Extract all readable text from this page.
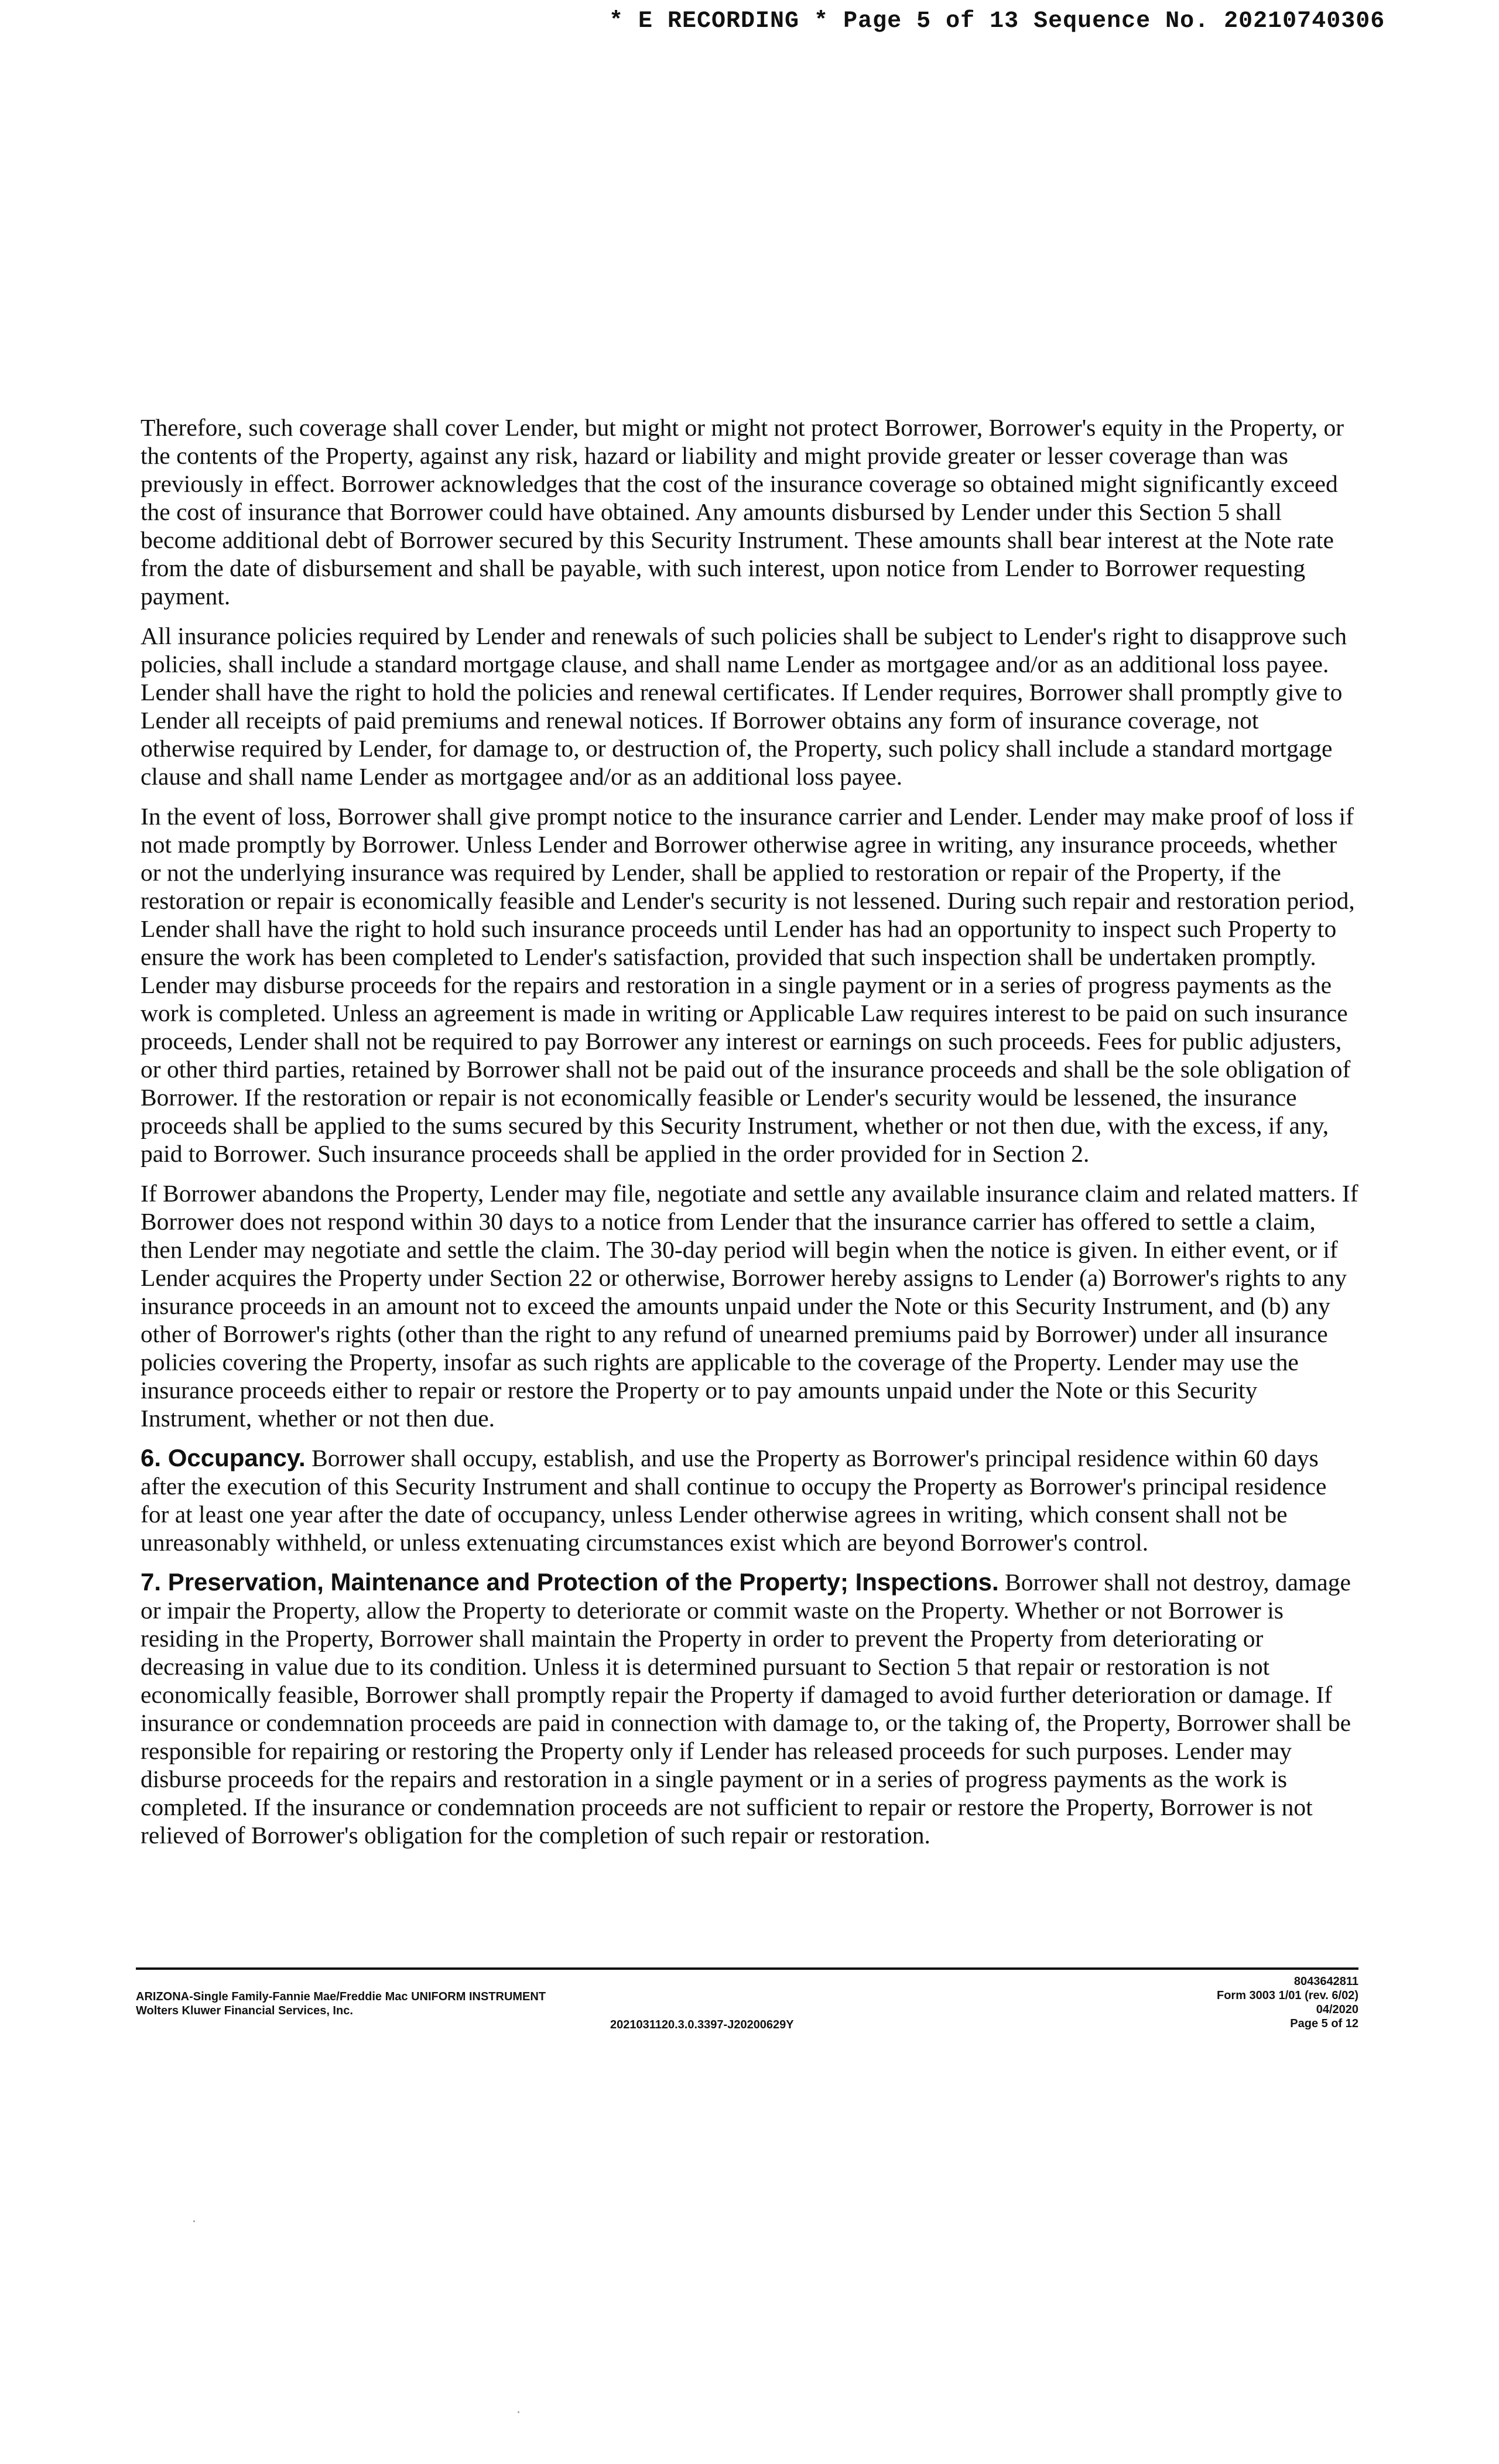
* E RECORDING * Page 5 of 13 Sequence No. 20210740306

Therefore, such coverage shall cover Lender, but might or might not protect Borrower, Borrower's equity in the Property, or the contents of the Property, against any risk, hazard or liability and might provide greater or lesser coverage than was previously in effect. Borrower acknowledges that the cost of the insurance coverage so obtained might significantly exceed the cost of insurance that Borrower could have obtained. Any amounts disbursed by Lender under this Section 5 shall become additional debt of Borrower secured by this Security Instrument. These amounts shall bear interest at the Note rate from the date of disbursement and shall be payable, with such interest, upon notice from Lender to Borrower requesting payment.

All insurance policies required by Lender and renewals of such policies shall be subject to Lender's right to disapprove such policies, shall include a standard mortgage clause, and shall name Lender as mortgagee and/or as an additional loss payee. Lender shall have the right to hold the policies and renewal certificates. If Lender requires, Borrower shall promptly give to Lender all receipts of paid premiums and renewal notices. If Borrower obtains any form of insurance coverage, not otherwise required by Lender, for damage to, or destruction of, the Property, such policy shall include a standard mortgage clause and shall name Lender as mortgagee and/or as an additional loss payee.

In the event of loss, Borrower shall give prompt notice to the insurance carrier and Lender. Lender may make proof of loss if not made promptly by Borrower. Unless Lender and Borrower otherwise agree in writing, any insurance proceeds, whether or not the underlying insurance was required by Lender, shall be applied to restoration or repair of the Property, if the restoration or repair is economically feasible and Lender's security is not lessened. During such repair and restoration period, Lender shall have the right to hold such insurance proceeds until Lender has had an opportunity to inspect such Property to ensure the work has been completed to Lender's satisfaction, provided that such inspection shall be undertaken promptly. Lender may disburse proceeds for the repairs and restoration in a single payment or in a series of progress payments as the work is completed. Unless an agreement is made in writing or Applicable Law requires interest to be paid on such insurance proceeds, Lender shall not be required to pay Borrower any interest or earnings on such proceeds. Fees for public adjusters, or other third parties, retained by Borrower shall not be paid out of the insurance proceeds and shall be the sole obligation of Borrower. If the restoration or repair is not economically feasible or Lender's security would be lessened, the insurance proceeds shall be applied to the sums secured by this Security Instrument, whether or not then due, with the excess, if any, paid to Borrower. Such insurance proceeds shall be applied in the order provided for in Section 2.

If Borrower abandons the Property, Lender may file, negotiate and settle any available insurance claim and related matters. If Borrower does not respond within 30 days to a notice from Lender that the insurance carrier has offered to settle a claim, then Lender may negotiate and settle the claim. The 30-day period will begin when the notice is given. In either event, or if Lender acquires the Property under Section 22 or otherwise, Borrower hereby assigns to Lender (a) Borrower's rights to any insurance proceeds in an amount not to exceed the amounts unpaid under the Note or this Security Instrument, and (b) any other of Borrower's rights (other than the right to any refund of unearned premiums paid by Borrower) under all insurance policies covering the Property, insofar as such rights are applicable to the coverage of the Property. Lender may use the insurance proceeds either to repair or restore the Property or to pay amounts unpaid under the Note or this Security Instrument, whether or not then due.

6. Occupancy. Borrower shall occupy, establish, and use the Property as Borrower's principal residence within 60 days after the execution of this Security Instrument and shall continue to occupy the Property as Borrower's principal residence for at least one year after the date of occupancy, unless Lender otherwise agrees in writing, which consent shall not be unreasonably withheld, or unless extenuating circumstances exist which are beyond Borrower's control.

7. Preservation, Maintenance and Protection of the Property; Inspections. Borrower shall not destroy, damage or impair the Property, allow the Property to deteriorate or commit waste on the Property. Whether or not Borrower is residing in the Property, Borrower shall maintain the Property in order to prevent the Property from deteriorating or decreasing in value due to its condition. Unless it is determined pursuant to Section 5 that repair or restoration is not economically feasible, Borrower shall promptly repair the Property if damaged to avoid further deterioration or damage. If insurance or condemnation proceeds are paid in connection with damage to, or the taking of, the Property, Borrower shall be responsible for repairing or restoring the Property only if Lender has released proceeds for such purposes. Lender may disburse proceeds for the repairs and restoration in a single payment or in a series of progress payments as the work is completed. If the insurance or condemnation proceeds are not sufficient to repair or restore the Property, Borrower is not relieved of Borrower's obligation for the completion of such repair or restoration.

ARIZONA-Single Family-Fannie Mae/Freddie Mac UNIFORM INSTRUMENT
Wolters Kluwer Financial Services, Inc.
2021031120.3.0.3397-J20200629Y
8043642811
Form 3003 1/01 (rev. 6/02)
04/2020
Page 5 of 12
